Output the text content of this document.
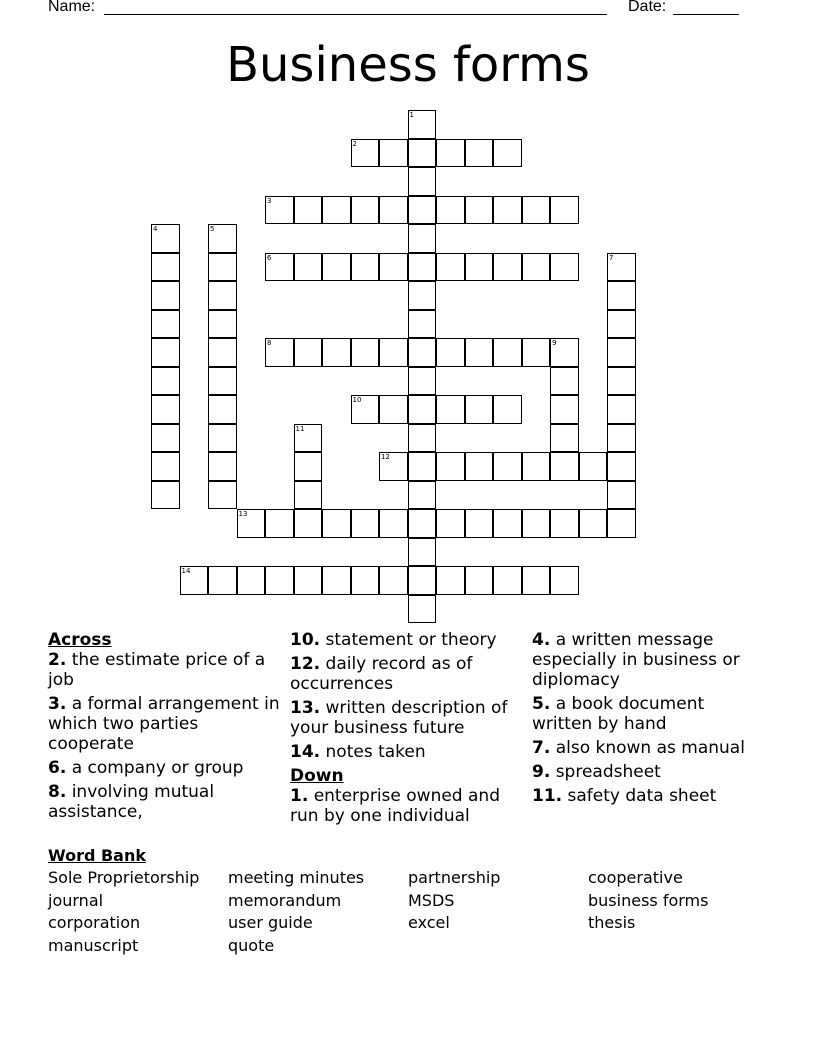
Name:	Date:
Business forms
1
2
3
4	5
6	7
8	9
10
11
12
13
14
Across
2. the estimate price of a job
3. a formal arrangement in which two parties cooperate
6. a company or group
8. involving mutual assistance,
10. statement or theory
12. daily record as of occurrences
13. written description of your business future
14. notes taken
Down
1. enterprise owned and run by one individual
4. a written message especially in business or diplomacy
5. a book document written by hand
7. also known as manual
9. spreadsheet
11. safety data sheet
Word Bank
Sole Proprietorship	meeting minutes	partnership	cooperative
journal	memorandum	MSDS	business forms
corporation	user guide	excel	thesis
manuscript	quote
